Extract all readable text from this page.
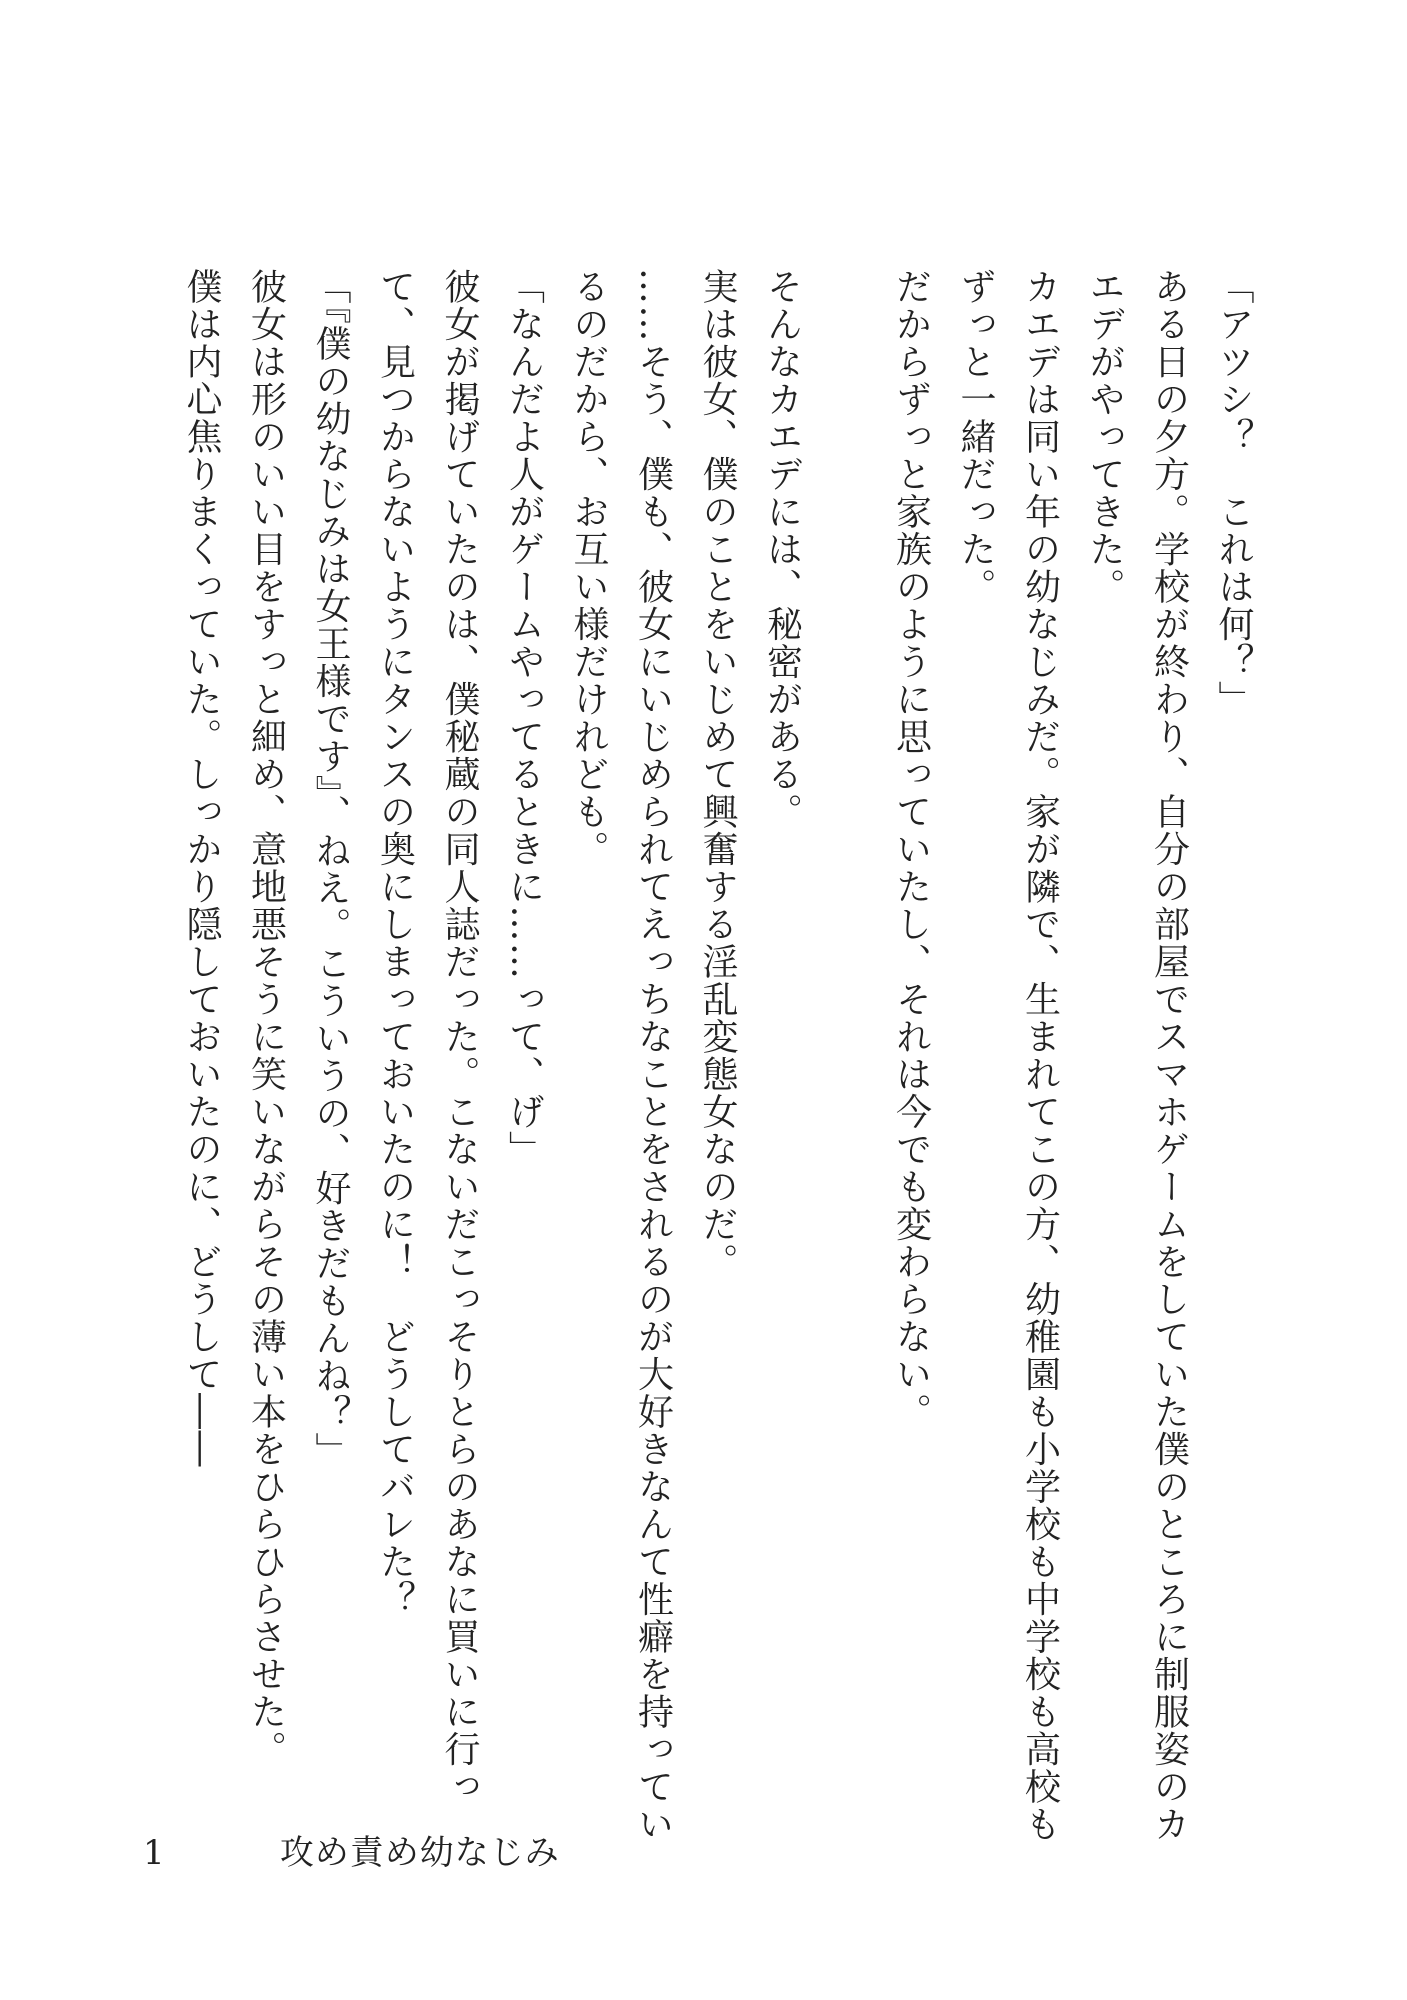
「アツシ？　これは何？」

ある日の夕方。学校が終わり、自分の部屋でスマホゲームをしていた僕のところに制服姿のカエデがやってきた。

カエデは同い年の幼なじみだ。家が隣で、生まれてこの方、幼稚園も小学校も中学校も高校もずっと一緒だった。

だからずっと家族のように思っていたし、それは今でも変わらない。

そんなカエデには、秘密がある。

実は彼女、僕のことをいじめて興奮する淫乱変態女なのだ。

……そう、僕も、彼女にいじめられてえっちなことをされるのが大好きなんて性癖を持っているのだから、お互い様だけれども。

「なんだよ人がゲームやってるときに……って、げ」

彼女が掲げていたのは、僕秘蔵の同人誌だった。こないだこっそりとらのあなに買いに行って、見つからないようにタンスの奥にしまっておいたのに！　どうしてバレた？

「『僕の幼なじみは女王様です』、ねえ。こういうの、好きだもんね？」

彼女は形のいい目をすっと細め、意地悪そうに笑いながらその薄い本をひらひらさせた。

僕は内心焦りまくっていた。しっかり隠しておいたのに、どうして――

1	攻め責め幼なじみ
